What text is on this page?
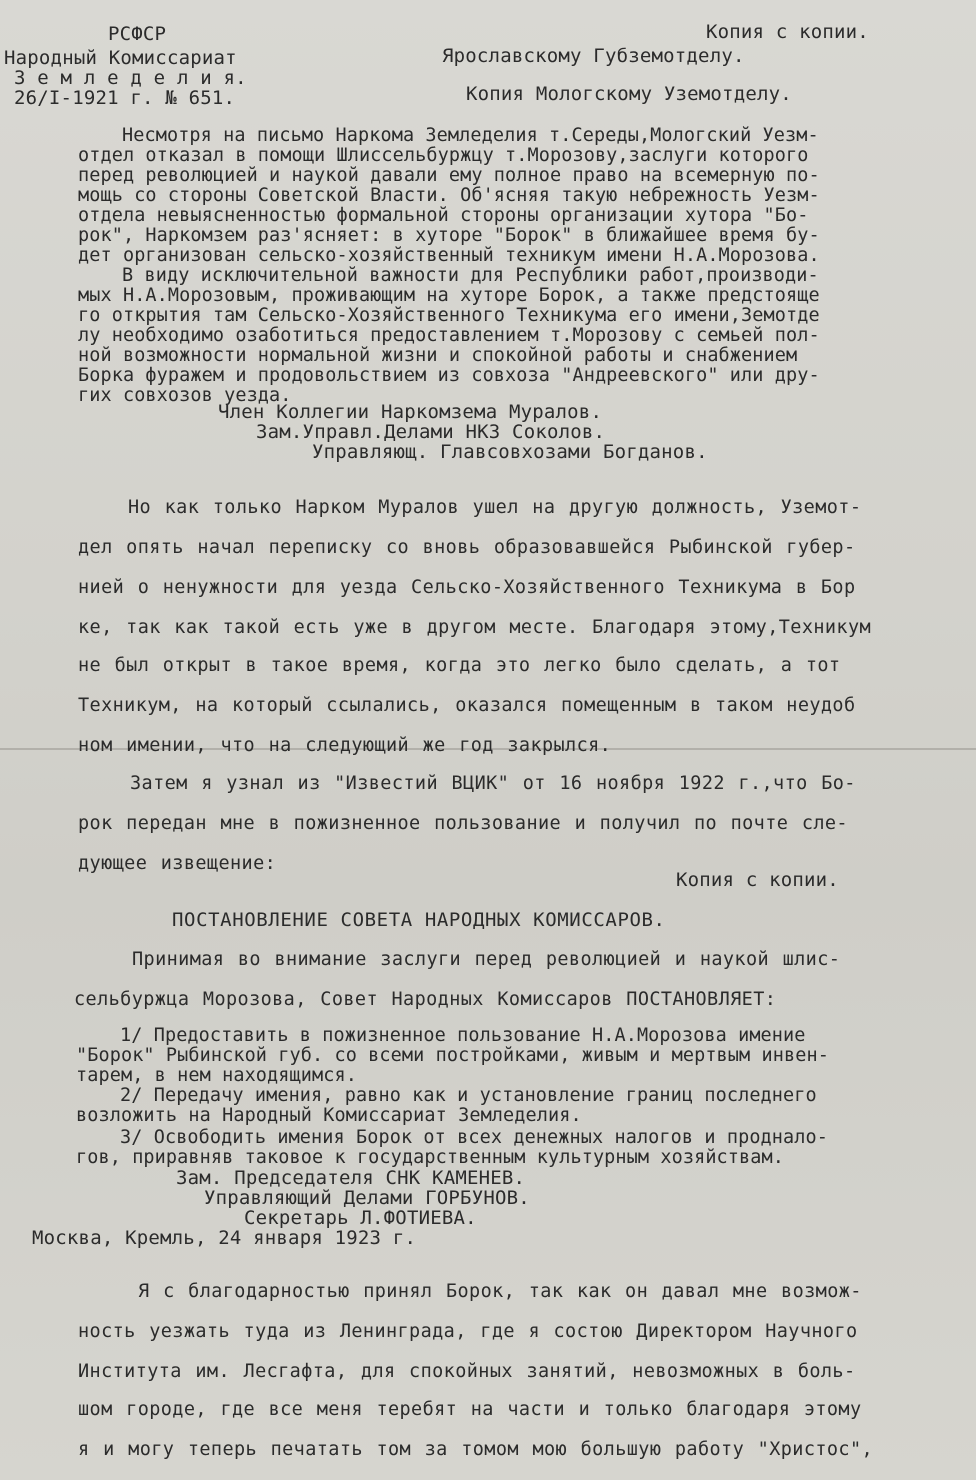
РСФСР
Народный Комиссариат
З е м л е д е л и я.
26/I-1921 г. № 651.
Копия с копии.
Ярославскому Губземотделу.
Копия Мологскому Уземотделу.
Несмотря на письмо Наркома Земледелия т.Середы,Мологский Уезм-
отдел отказал в помощи Шлиссельбуржцу т.Морозову,заслуги которого
перед революцией и наукой давали ему полное право на всемерную по-
мощь со стороны Советской Власти. Об'ясняя такую небрежность Уезм-
отдела невыясненностью формальной стороны организации хутора "Бо-
рок", Наркомзем раз'ясняет: в хуторе "Борок" в ближайшее время бу-
дет организован сельско-хозяйственный техникум имени Н.А.Морозова.
В виду исключительной важности для Республики работ,производи-
мых Н.А.Морозовым, проживающим на хуторе Борок, а также предстояще
го открытия там Сельско-Хозяйственного Техникума его имени,Земотде
лу необходимо озаботиться предоставлением т.Морозову с семьей пол-
ной возможности нормальной жизни и спокойной работы и снабжением
Борка фуражем и продовольствием из совхоза "Андреевского" или дру-
гих совхозов уезда.
Член Коллегии Наркомзема Муралов.
Зам.Управл.Делами НКЗ Соколов.
Управляющ. Главсовхозами Богданов.
Но как только Нарком Муралов ушел на другую должность, Уземот-
дел опять начал переписку со вновь образовавшейся Рыбинской губер-
нией о ненужности для уезда Сельско-Хозяйственного Техникума в Бор
ке, так как такой есть уже в другом месте. Благодаря этому,Техникум
не был открыт в такое время, когда это легко было сделать, а тот
Техникум, на который ссылались, оказался помещенным в таком неудоб
ном имении, что на следующий же год закрылся.
Затем я узнал из "Известий ВЦИК" от 16 ноября 1922 г.,что Бо-
рок передан мне в пожизненное пользование и получил по почте сле-
дующее извещение:
Копия с копии.
ПОСТАНОВЛЕНИЕ СОВЕТА НАРОДНЫХ КОМИССАРОВ.
Принимая во внимание заслуги перед революцией и наукой шлис-
сельбуржца Морозова, Совет Народных Комиссаров ПОСТАНОВЛЯЕТ:
1/ Предоставить в пожизненное пользование Н.А.Морозова имение
"Борок" Рыбинской губ. со всеми постройками, живым и мертвым инвен-
тарем, в нем находящимся.
2/ Передачу имения, равно как и установление границ последнего
возложить на Народный Комиссариат Земледелия.
3/ Освободить имения Борок от всех денежных налогов и проднало-
гов, приравняв таковое к государственным культурным хозяйствам.
Зам. Председателя СНК КАМЕНЕВ.
Управляющий Делами ГОРБУНОВ.
Секретарь Л.ФОТИЕВА.
Москва, Кремль, 24 января 1923 г.
Я с благодарностью принял Борок, так как он давал мне возмож-
ность уезжать туда из Ленинграда, где я состою Директором Научного
Института им. Лесгафта, для спокойных занятий, невозможных в боль-
шом городе, где все меня теребят на части и только благодаря этому
я и могу теперь печатать том за томом мою большую работу "Христос",
